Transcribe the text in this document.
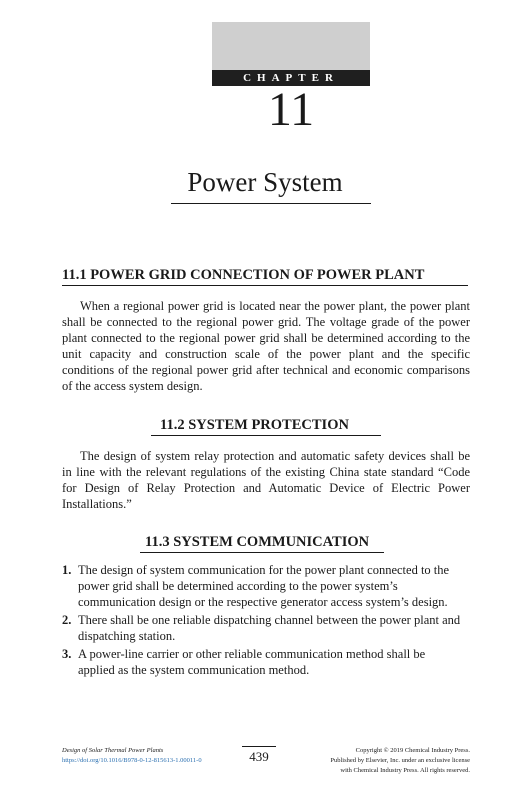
CHAPTER
11
Power System
11.1 POWER GRID CONNECTION OF POWER PLANT

When a regional power grid is located near the power plant, the power plant shall be connected to the regional power grid. The voltage grade of the power plant connected to the regional power grid shall be determined according to the unit capacity and construction scale of the power plant and the specific conditions of the regional power grid after technical and economic comparisons of the access system design.

11.2 SYSTEM PROTECTION

The design of system relay protection and automatic safety devices shall be in line with the relevant regulations of the existing China state standard “Code for Design of Relay Protection and Automatic Device of Electric Power Installations.”

11.3 SYSTEM COMMUNICATION
1. The design of system communication for the power plant connected to the power grid shall be determined according to the power system’s communication design or the respective generator access system’s design.
2. There shall be one reliable dispatching channel between the power plant and dispatching station.
3. A power-line carrier or other reliable communication method shall be applied as the system communication method.
Design of Solar Thermal Power Plants
https://doi.org/10.1016/B978-0-12-815613-1.00011-0	439	Copyright © 2019 Chemical Industry Press.
Published by Elsevier, Inc. under an exclusive license
with Chemical Industry Press. All rights reserved.
